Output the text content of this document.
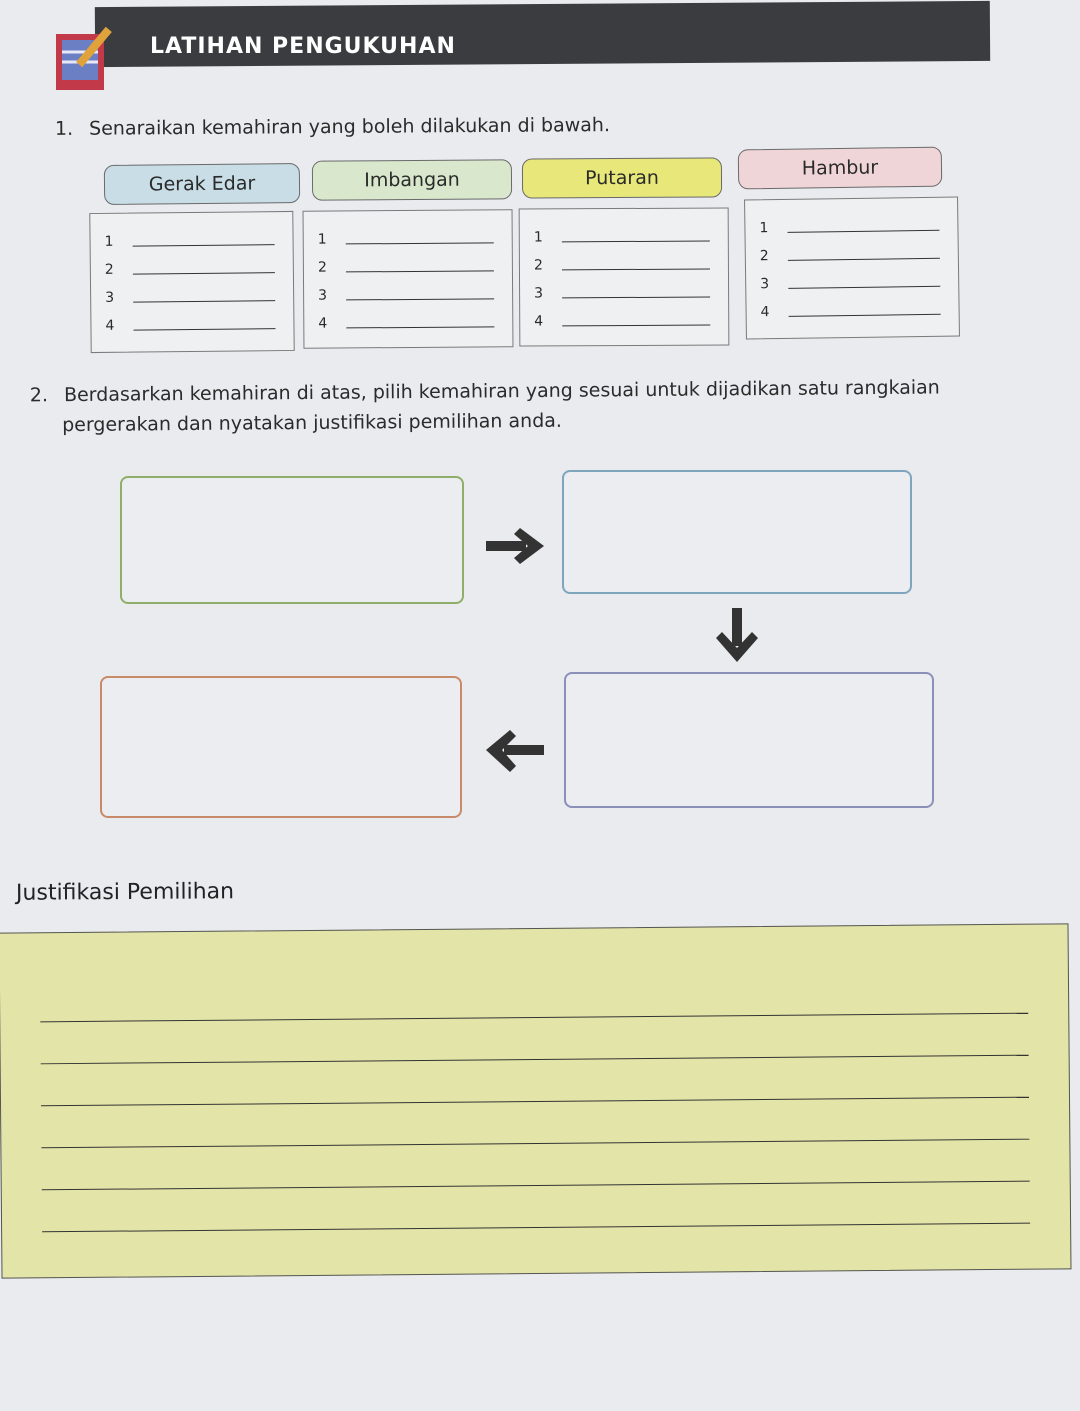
LATIHAN PENGUKUHAN
1. Senaraikan kemahiran yang boleh dilakukan di bawah.
Gerak Edar
1
2
3
4
Imbangan
1
2
3
4
Putaran
1
2
3
4
Hambur
1
2
3
4
2. Berdasarkan kemahiran di atas, pilih kemahiran yang sesuai untuk dijadikan satu rangkaian
pergerakan dan nyatakan justifikasi pemilihan anda.
Justifikasi Pemilihan
